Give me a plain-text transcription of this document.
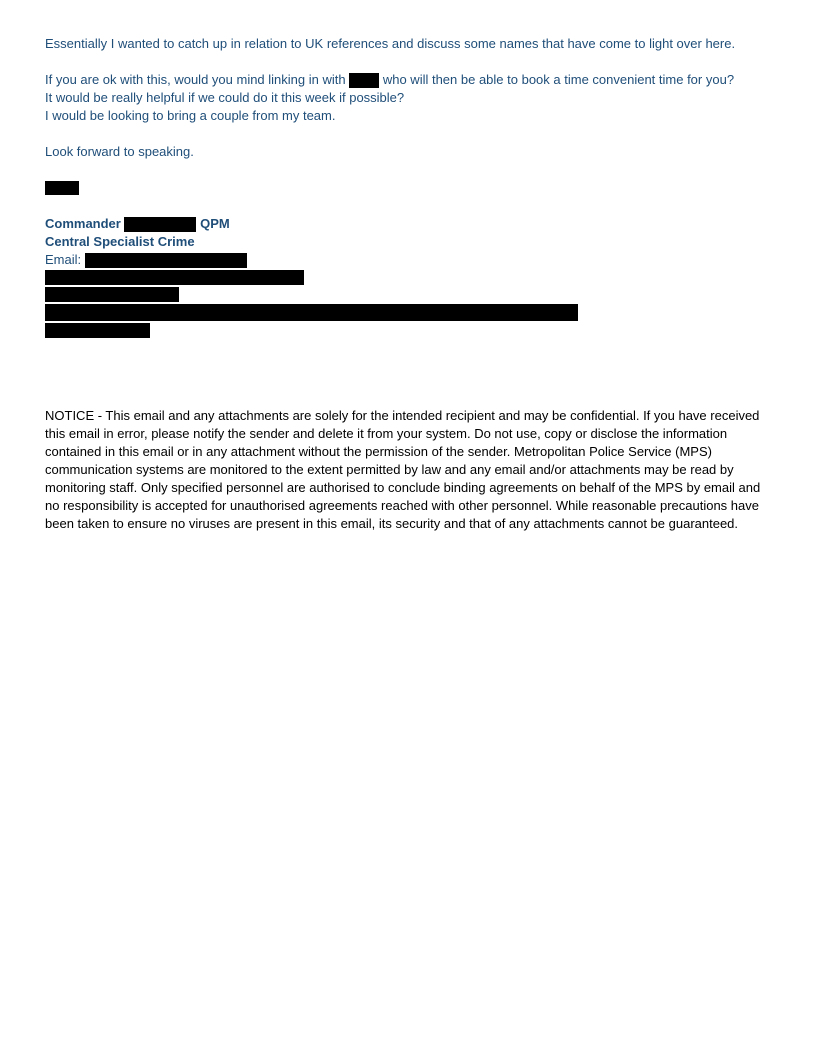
Essentially I wanted to catch up in relation to UK references and discuss some names that have come to light over here.
If you are ok with this, would you mind linking in with	who will then be able to book a time convenient time for you?
It would be really helpful if we could do it this week if possible?
I would be looking to bring a couple from my team.
Look forward to speaking.
Commander	QPM
Central Specialist Crime
Email:
NOTICE - This email and any attachments are solely for the intended recipient and may be confidential. If you have received this email in error, please notify the sender and delete it from your system. Do not use, copy or disclose the information contained in this email or in any attachment without the permission of the sender. Metropolitan Police Service (MPS) communication systems are monitored to the extent permitted by law and any email and/or attachments may be read by monitoring staff. Only specified personnel are authorised to conclude binding agreements on behalf of the MPS by email and no responsibility is accepted for unauthorised agreements reached with other personnel. While reasonable precautions have been taken to ensure no viruses are present in this email, its security and that of any attachments cannot be guaranteed.
